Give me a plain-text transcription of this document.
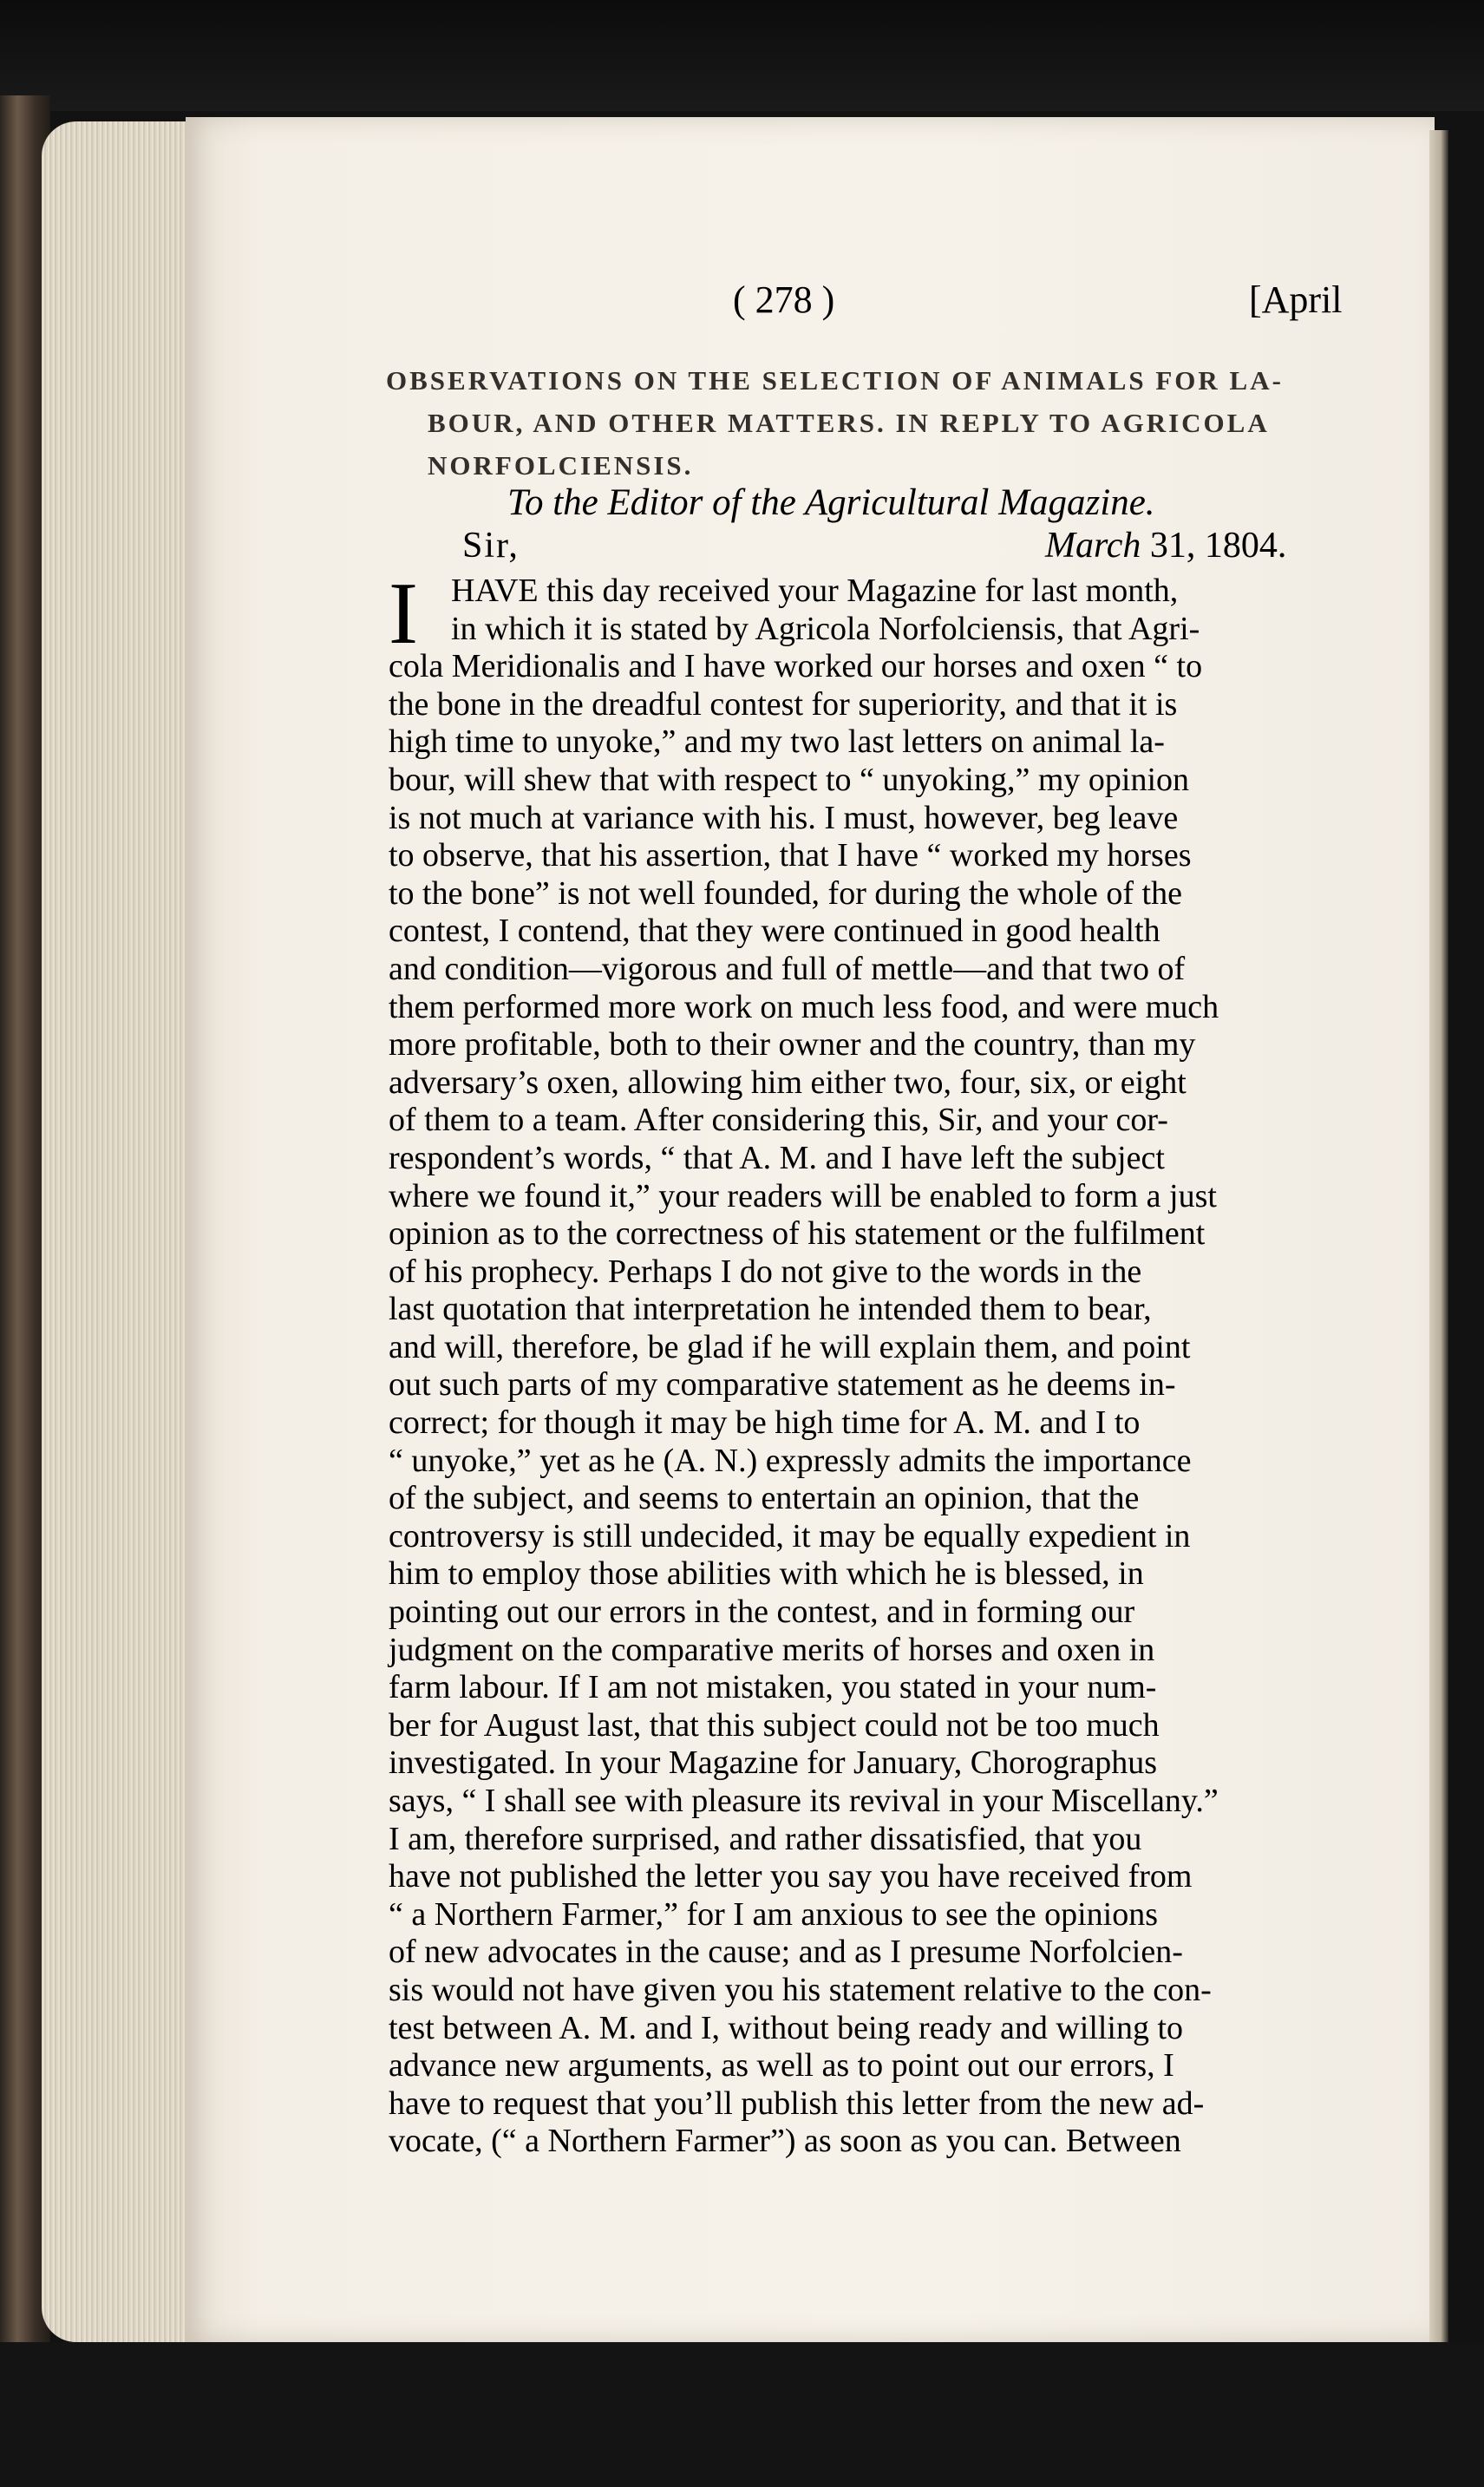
( 278 )	[April
OBSERVATIONS ON THE SELECTION OF ANIMALS FOR LA-
BOUR, AND OTHER MATTERS. IN REPLY TO AGRICOLA
NORFOLCIENSIS.
To the Editor of the Agricultural Magazine.
Sir,	March 31, 1804.
I	HAVE this day received your Magazine for last month,
in which it is stated by Agricola Norfolciensis, that Agri-
cola Meridionalis and I have worked our horses and oxen “ to
the bone in the dreadful contest for superiority, and that it is
high time to unyoke,” and my two last letters on animal la-
bour, will shew that with respect to “ unyoking,” my opinion
is not much at variance with his. I must, however, beg leave
to observe, that his assertion, that I have “ worked my horses
to the bone” is not well founded, for during the whole of the
contest, I contend, that they were continued in good health
and condition—vigorous and full of mettle—and that two of
them performed more work on much less food, and were much
more profitable, both to their owner and the country, than my
adversary’s oxen, allowing him either two, four, six, or eight
of them to a team. After considering this, Sir, and your cor-
respondent’s words, “ that A. M. and I have left the subject
where we found it,” your readers will be enabled to form a just
opinion as to the correctness of his statement or the fulfilment
of his prophecy. Perhaps I do not give to the words in the
last quotation that interpretation he intended them to bear,
and will, therefore, be glad if he will explain them, and point
out such parts of my comparative statement as he deems in-
correct; for though it may be high time for A. M. and I to
“ unyoke,” yet as he (A. N.) expressly admits the importance
of the subject, and seems to entertain an opinion, that the
controversy is still undecided, it may be equally expedient in
him to employ those abilities with which he is blessed, in
pointing out our errors in the contest, and in forming our
judgment on the comparative merits of horses and oxen in
farm labour. If I am not mistaken, you stated in your num-
ber for August last, that this subject could not be too much
investigated. In your Magazine for January, Chorographus
says, “ I shall see with pleasure its revival in your Miscellany.”
I am, therefore surprised, and rather dissatisfied, that you
have not published the letter you say you have received from
“ a Northern Farmer,” for I am anxious to see the opinions
of new advocates in the cause; and as I presume Norfolcien-
sis would not have given you his statement relative to the con-
test between A. M. and I, without being ready and willing to
advance new arguments, as well as to point out our errors, I
have to request that you’ll publish this letter from the new ad-
vocate, (“ a Northern Farmer”) as soon as you can. Between
